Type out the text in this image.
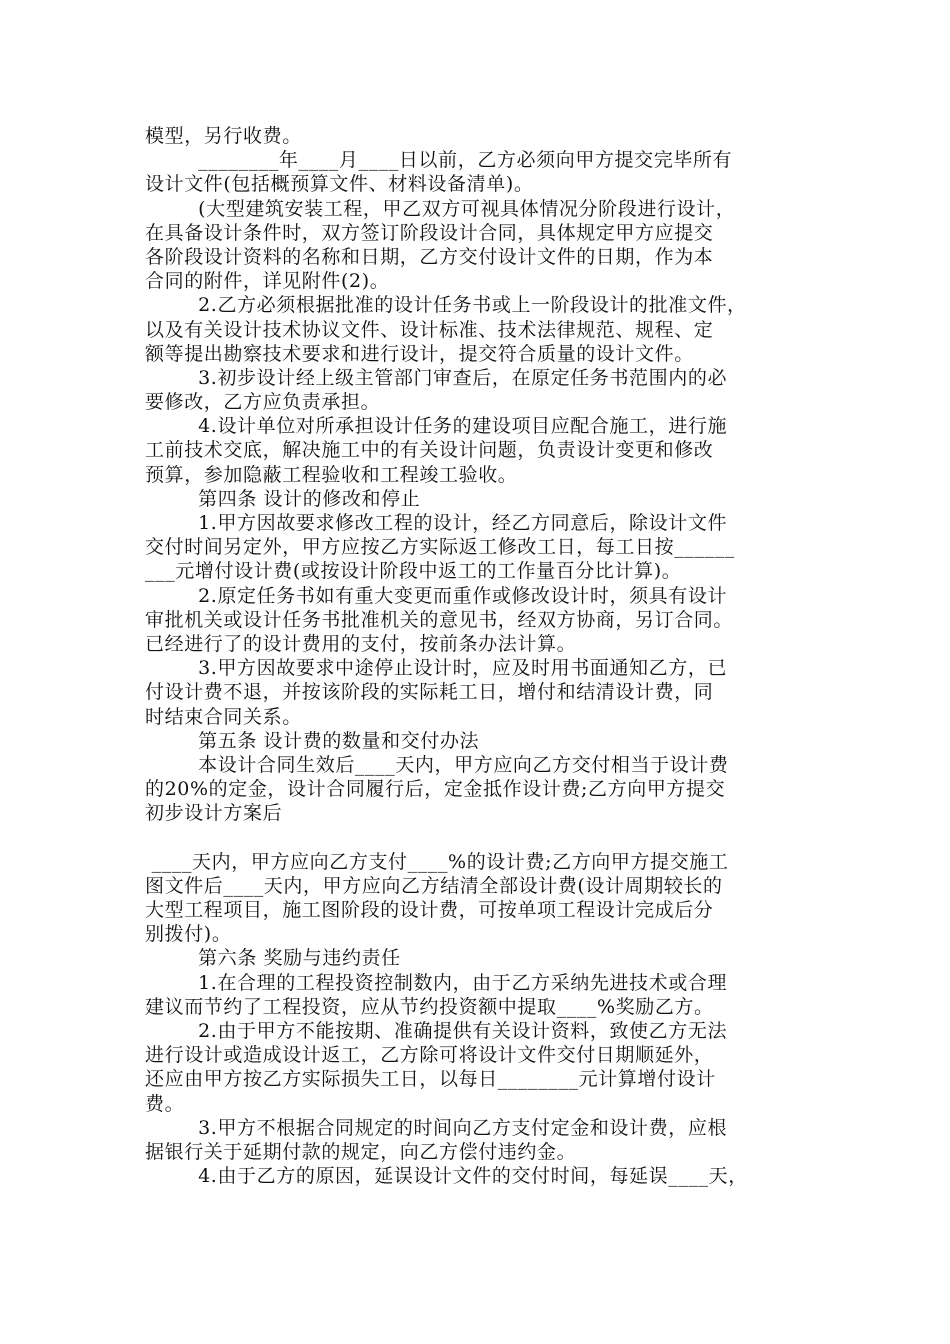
模型，另行收费。
________年____月____日以前，乙方必须向甲方提交完毕所有
设计文件(包括概预算文件、材料设备清单)。
(大型建筑安装工程，甲乙双方可视具体情况分阶段进行设计，
在具备设计条件时，双方签订阶段设计合同，具体规定甲方应提交
各阶段设计资料的名称和日期，乙方交付设计文件的日期，作为本
合同的附件，详见附件(2)。
2.乙方必须根据批准的设计任务书或上一阶段设计的批准文件，
以及有关设计技术协议文件、设计标准、技术法律规范、规程、定
额等提出勘察技术要求和进行设计，提交符合质量的设计文件。
3.初步设计经上级主管部门审查后，在原定任务书范围内的必
要修改，乙方应负责承担。
4.设计单位对所承担设计任务的建设项目应配合施工，进行施
工前技术交底，解决施工中的有关设计问题，负责设计变更和修改
预算，参加隐蔽工程验收和工程竣工验收。
第四条 设计的修改和停止
1.甲方因故要求修改工程的设计，经乙方同意后，除设计文件
交付时间另定外，甲方应按乙方实际返工修改工日，每工日按______
___元增付设计费(或按设计阶段中返工的工作量百分比计算)。
2.原定任务书如有重大变更而重作或修改设计时，须具有设计
审批机关或设计任务书批准机关的意见书，经双方协商，另订合同。
已经进行了的设计费用的支付，按前条办法计算。
3.甲方因故要求中途停止设计时，应及时用书面通知乙方，已
付设计费不退，并按该阶段的实际耗工日，增付和结清设计费，同
时结束合同关系。
第五条 设计费的数量和交付办法
本设计合同生效后____天内，甲方应向乙方交付相当于设计费
的20%的定金，设计合同履行后，定金抵作设计费;乙方向甲方提交
初步设计方案后
____天内，甲方应向乙方支付____%的设计费;乙方向甲方提交施工
图文件后____天内，甲方应向乙方结清全部设计费(设计周期较长的
大型工程项目，施工图阶段的设计费，可按单项工程设计完成后分
别拨付)。
第六条 奖励与违约责任
1.在合理的工程投资控制数内，由于乙方采纳先进技术或合理
建议而节约了工程投资，应从节约投资额中提取____%奖励乙方。
2.由于甲方不能按期、准确提供有关设计资料，致使乙方无法
进行设计或造成设计返工，乙方除可将设计文件交付日期顺延外，
还应由甲方按乙方实际损失工日，以每日________元计算增付设计
费。
3.甲方不根据合同规定的时间向乙方支付定金和设计费，应根
据银行关于延期付款的规定，向乙方偿付违约金。
4.由于乙方的原因，延误设计文件的交付时间，每延误____天，
